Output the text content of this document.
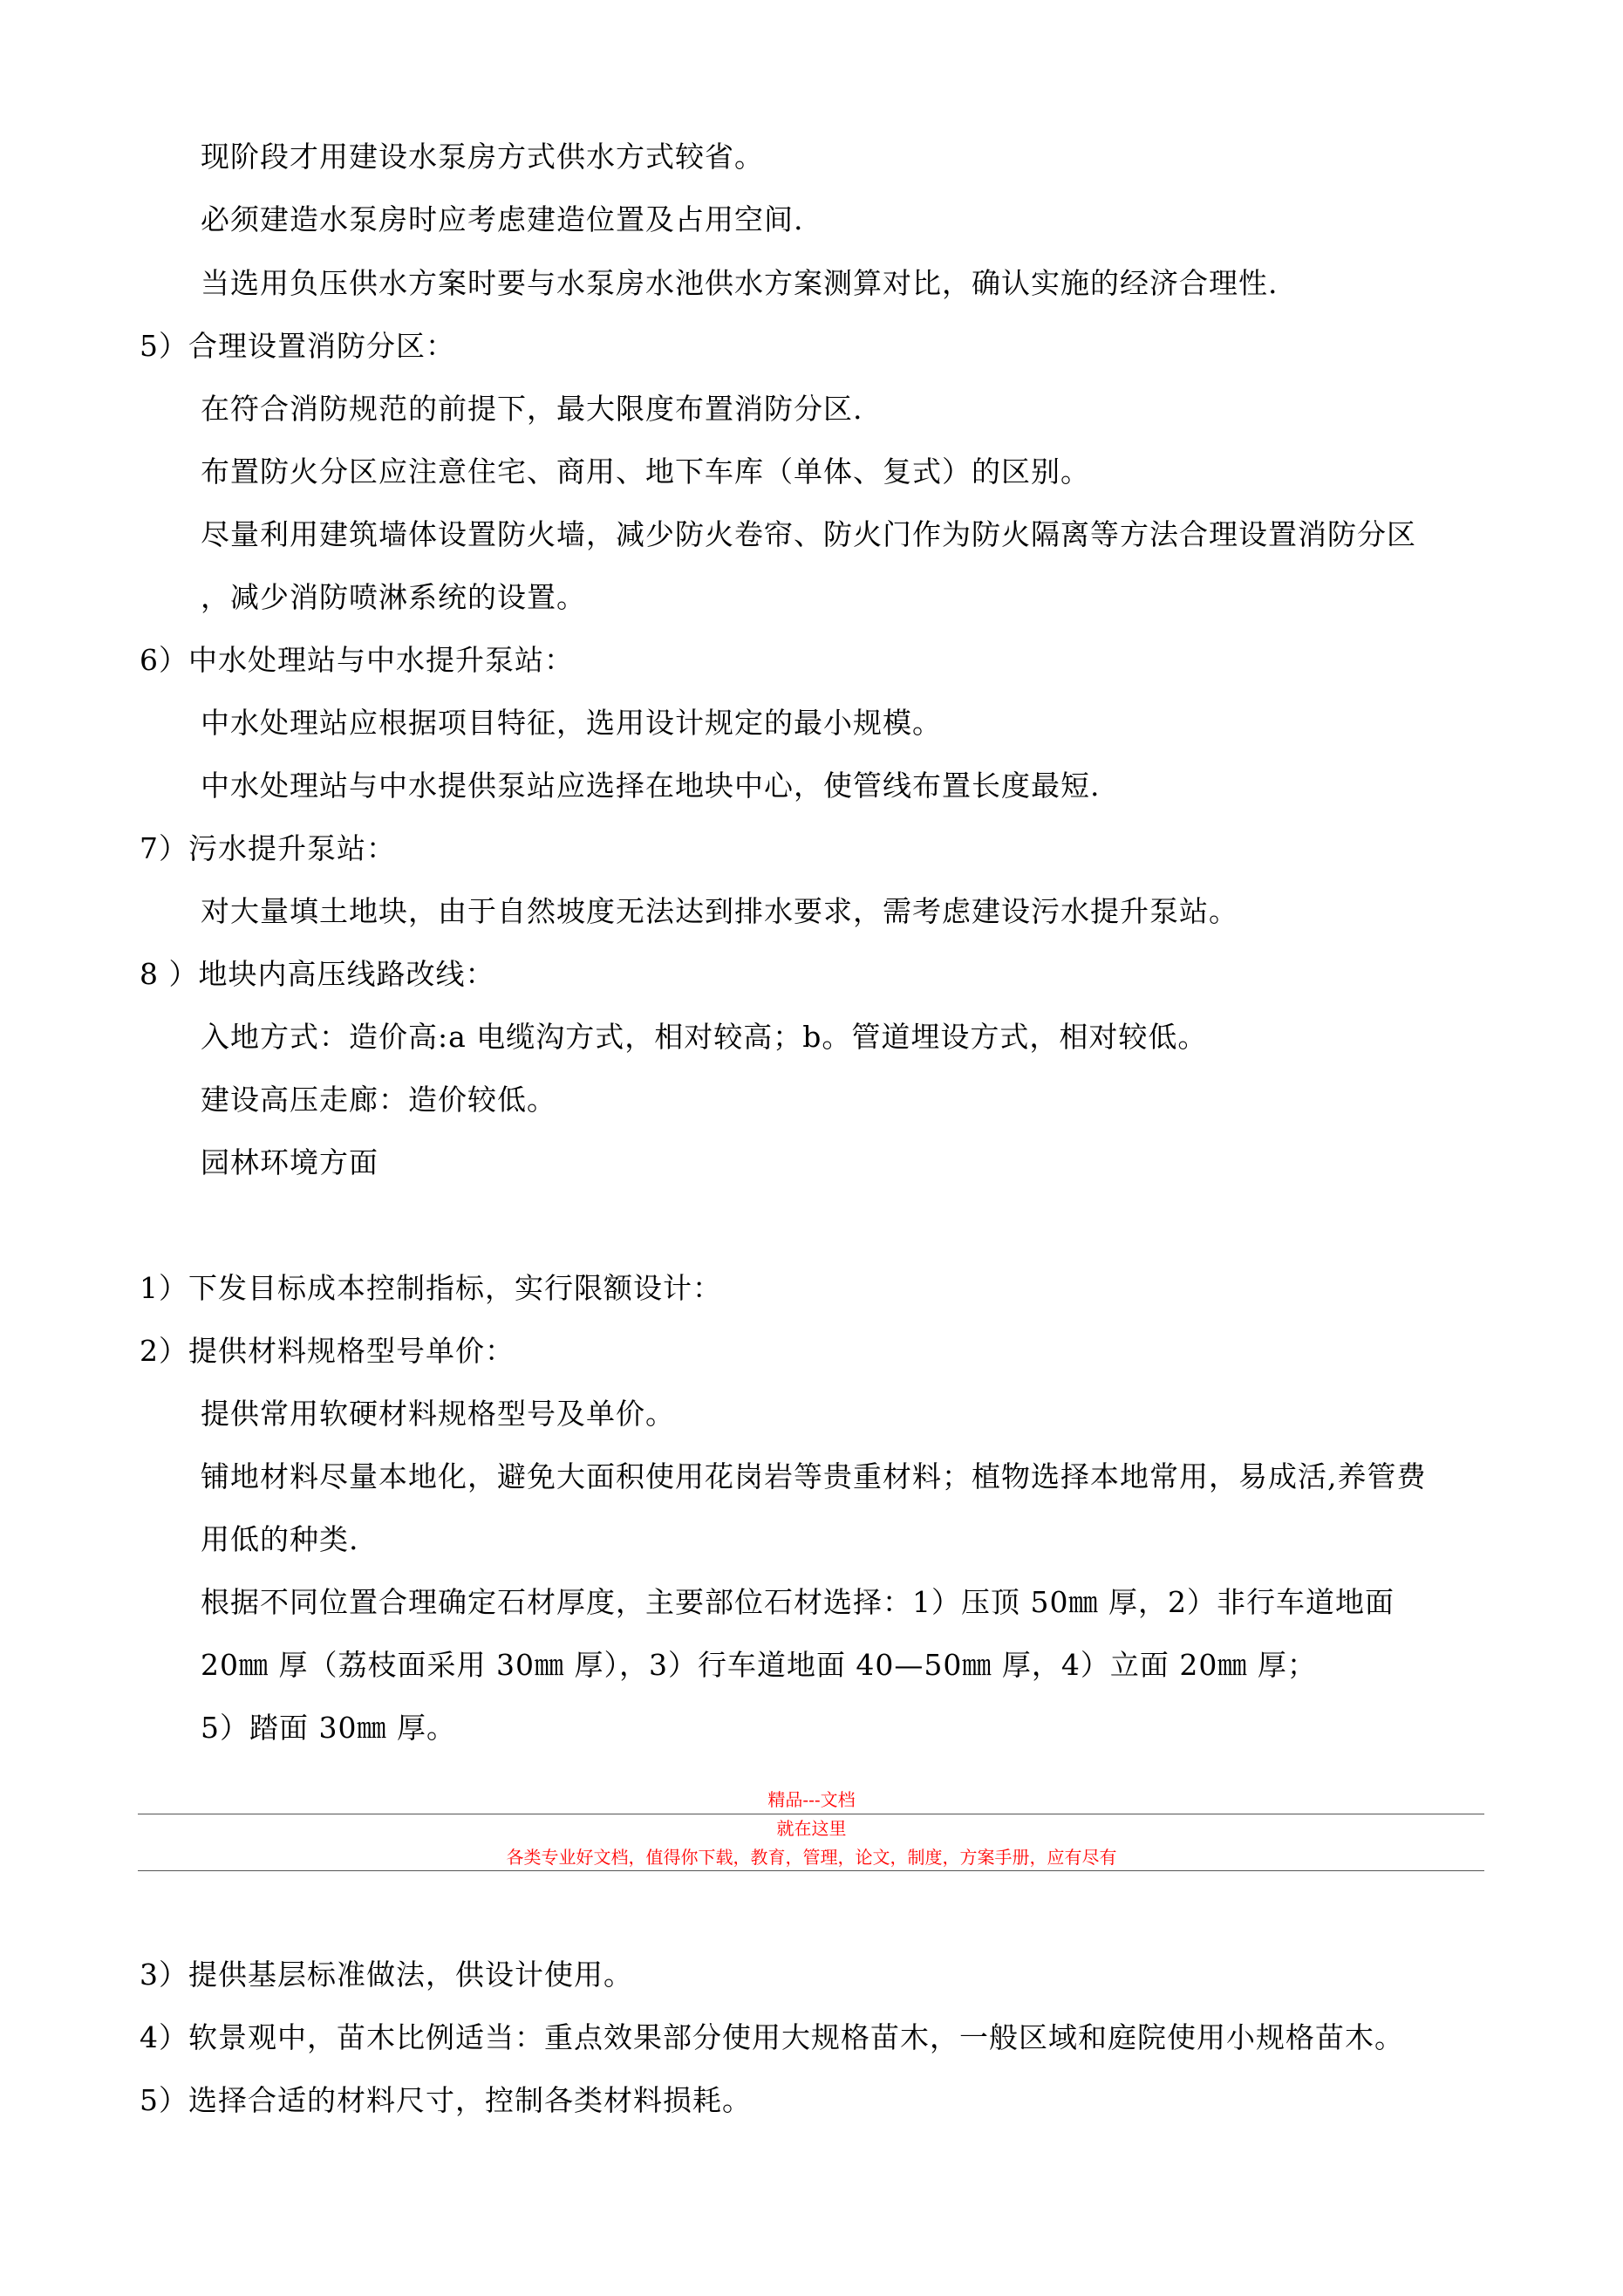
现阶段才用建设水泵房方式供水方式较省。
必须建造水泵房时应考虑建造位置及占用空间.
当选用负压供水方案时要与水泵房水池供水方案测算对比，确认实施的经济合理性.
5）合理设置消防分区：
在符合消防规范的前提下，最大限度布置消防分区.
布置防火分区应注意住宅、商用、地下车库（单体、复式）的区别。
尽量利用建筑墙体设置防火墙，减少防火卷帘、防火门作为防火隔离等方法合理设置消防分区
，减少消防喷淋系统的设置。
6）中水处理站与中水提升泵站：
中水处理站应根据项目特征，选用设计规定的最小规模。
中水处理站与中水提供泵站应选择在地块中心，使管线布置长度最短.
7）污水提升泵站：
对大量填土地块，由于自然坡度无法达到排水要求，需考虑建设污水提升泵站。
8 ）地块内高压线路改线：
入地方式：造价高:a 电缆沟方式，相对较高；b。管道埋设方式，相对较低。
建设高压走廊：造价较低。
园林环境方面
1）下发目标成本控制指标，实行限额设计：
2）提供材料规格型号单价：
提供常用软硬材料规格型号及单价。
铺地材料尽量本地化，避免大面积使用花岗岩等贵重材料；植物选择本地常用，易成活,养管费
用低的种类.
根据不同位置合理确定石材厚度，主要部位石材选择：1）压顶 50㎜ 厚，2）非行车道地面
20㎜ 厚（荔枝面采用 30㎜ 厚），3）行车道地面 40—50㎜ 厚，4）立面 20㎜ 厚；
5）踏面 30㎜ 厚。
精品---文档
就在这里
各类专业好文档，值得你下载，教育，管理，论文，制度，方案手册，应有尽有
3）提供基层标准做法，供设计使用。
4）软景观中，苗木比例适当：重点效果部分使用大规格苗木，一般区域和庭院使用小规格苗木。
5）选择合适的材料尺寸，控制各类材料损耗。
